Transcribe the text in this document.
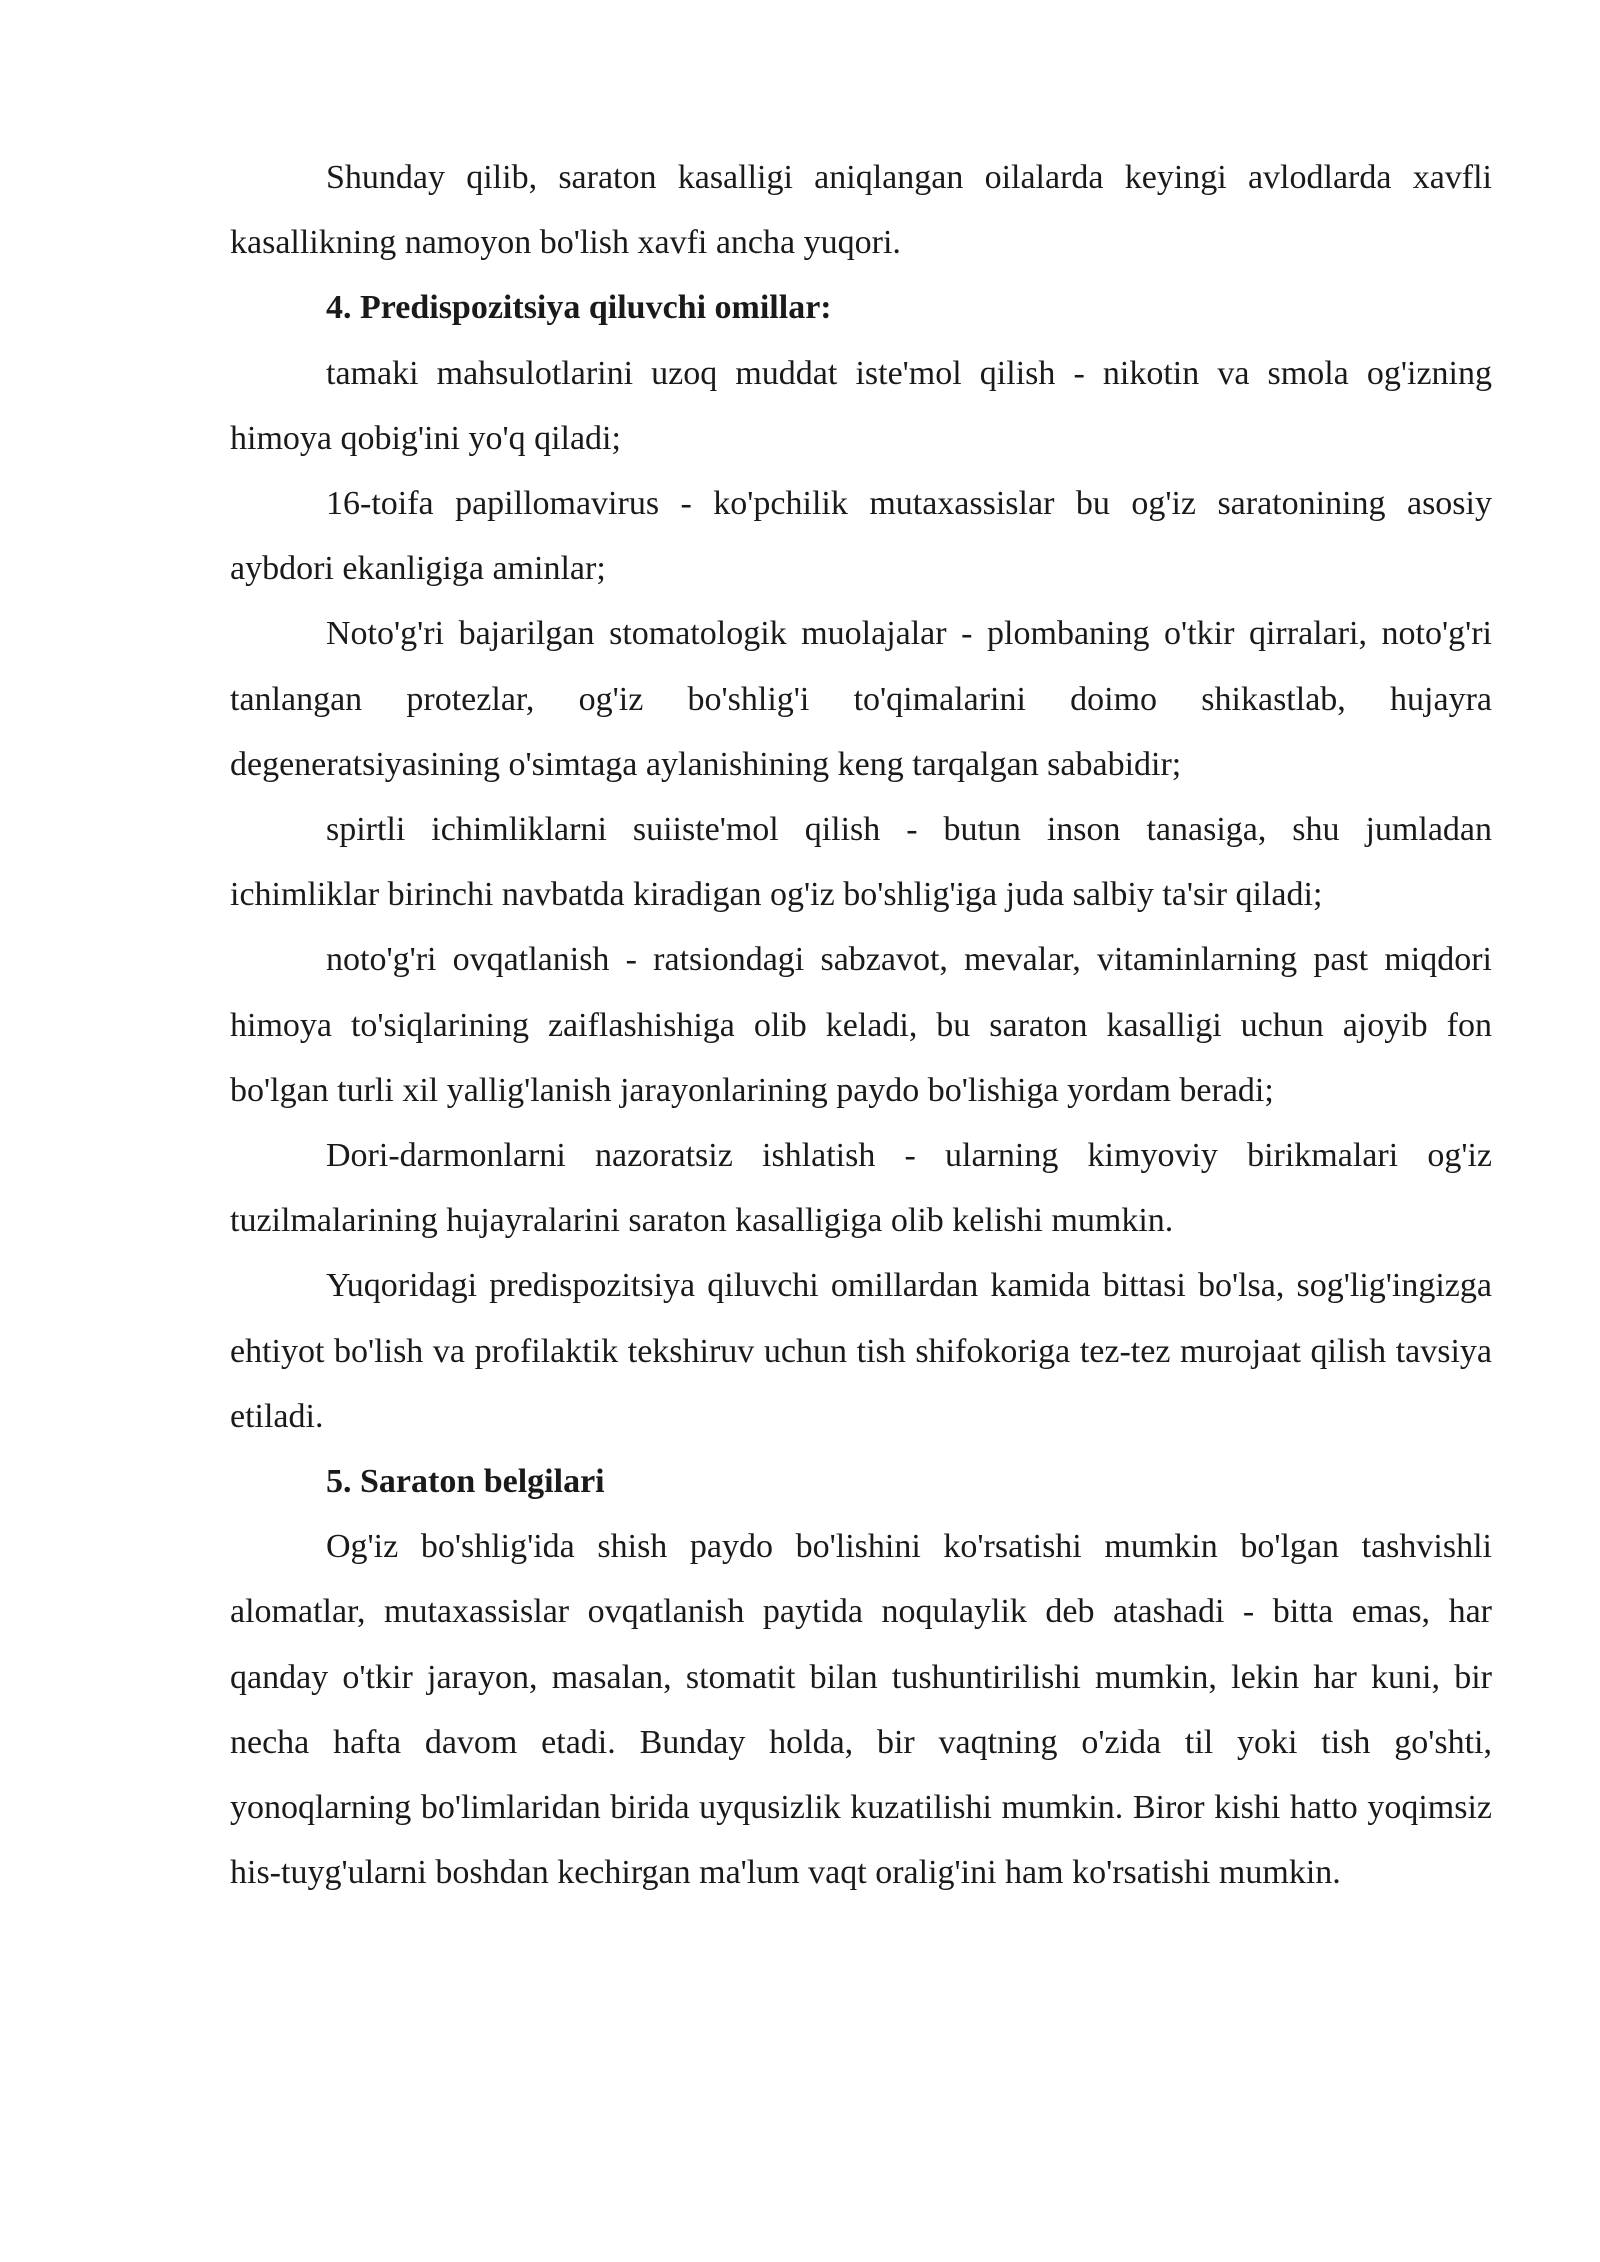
Shunday qilib, saraton kasalligi aniqlangan oilalarda keyingi avlodlarda xavfli kasallikning namoyon bo'lish xavfi ancha yuqori.

4. Predispozitsiya qiluvchi omillar:

tamaki mahsulotlarini uzoq muddat iste'mol qilish - nikotin va smola og'izning himoya qobig'ini yo'q qiladi;

16-toifa papillomavirus - ko'pchilik mutaxassislar bu og'iz saratonining asosiy aybdori ekanligiga aminlar;

Noto'g'ri bajarilgan stomatologik muolajalar - plombaning o'tkir qirralari, noto'g'ri tanlangan protezlar, og'iz bo'shlig'i to'qimalarini doimo shikastlab, hujayra degeneratsiyasining o'simtaga aylanishining keng tarqalgan sababidir;

spirtli ichimliklarni suiiste'mol qilish - butun inson tanasiga, shu jumladan ichimliklar birinchi navbatda kiradigan og'iz bo'shlig'iga juda salbiy ta'sir qiladi;

noto'g'ri ovqatlanish - ratsiondagi sabzavot, mevalar, vitaminlarning past miqdori himoya to'siqlarining zaiflashishiga olib keladi, bu saraton kasalligi uchun ajoyib fon bo'lgan turli xil yallig'lanish jarayonlarining paydo bo'lishiga yordam beradi;

Dori-darmonlarni nazoratsiz ishlatish - ularning kimyoviy birikmalari og'iz tuzilmalarining hujayralarini saraton kasalligiga olib kelishi mumkin.

Yuqoridagi predispozitsiya qiluvchi omillardan kamida bittasi bo'lsa, sog'lig'ingizga ehtiyot bo'lish va profilaktik tekshiruv uchun tish shifokoriga tez-tez murojaat qilish tavsiya etiladi.

5. Saraton belgilari

Og'iz bo'shlig'ida shish paydo bo'lishini ko'rsatishi mumkin bo'lgan tashvishli alomatlar, mutaxassislar ovqatlanish paytida noqulaylik deb atashadi - bitta emas, har qanday o'tkir jarayon, masalan, stomatit bilan tushuntirilishi mumkin, lekin har kuni, bir necha hafta davom etadi. Bunday holda, bir vaqtning o'zida til yoki tish go'shti, yonoqlarning bo'limlaridan birida uyqusizlik kuzatilishi mumkin. Biror kishi hatto yoqimsiz his-tuyg'ularni boshdan kechirgan ma'lum vaqt oralig'ini ham ko'rsatishi mumkin.
